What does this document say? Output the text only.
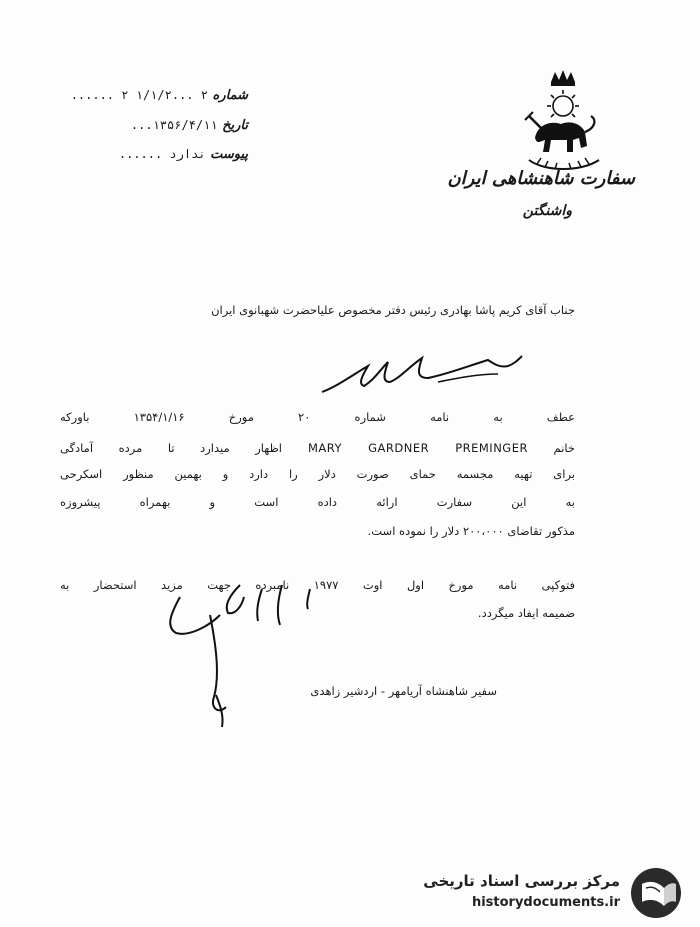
شماره ۲ ...۱/۱/۲ ۲ ......
تاریخ ۱۳۵۶/۴/۱۱...
پیوست ندارد ......
سفارت شاهنشاهی ایران
واشنگتن
جناب آقای کریم پاشا بهادری رئیس دفتر مخصوص علیاحضرت شهبانوی ایران
عطف به نامه شماره ۲۰ مورخ ۱۳۵۴/۱/۱۶ باورکه
خانم MARY GARDNER PREMINGER اظهار میدارد تا مرده آمادگی
برای تهیه مجسمه حمای صورت دلار را دارد و بهمین منظور اسکرحی
به این سفارت ارائه داده است و بهمراه پیشروزه
مذکور تقاضای ۲۰۰،۰۰۰ دلار را نموده است.
فتوکپی نامه مورخ اول اوت ۱۹۷۷ نامبرده جهت مزید استحضار به
ضمیمه ایفاد میگردد.
سفیر شاهنشاه آریامهر - اردشیر زاهدی
مرکز بررسی اسناد تاریخی
historydocuments.ir
